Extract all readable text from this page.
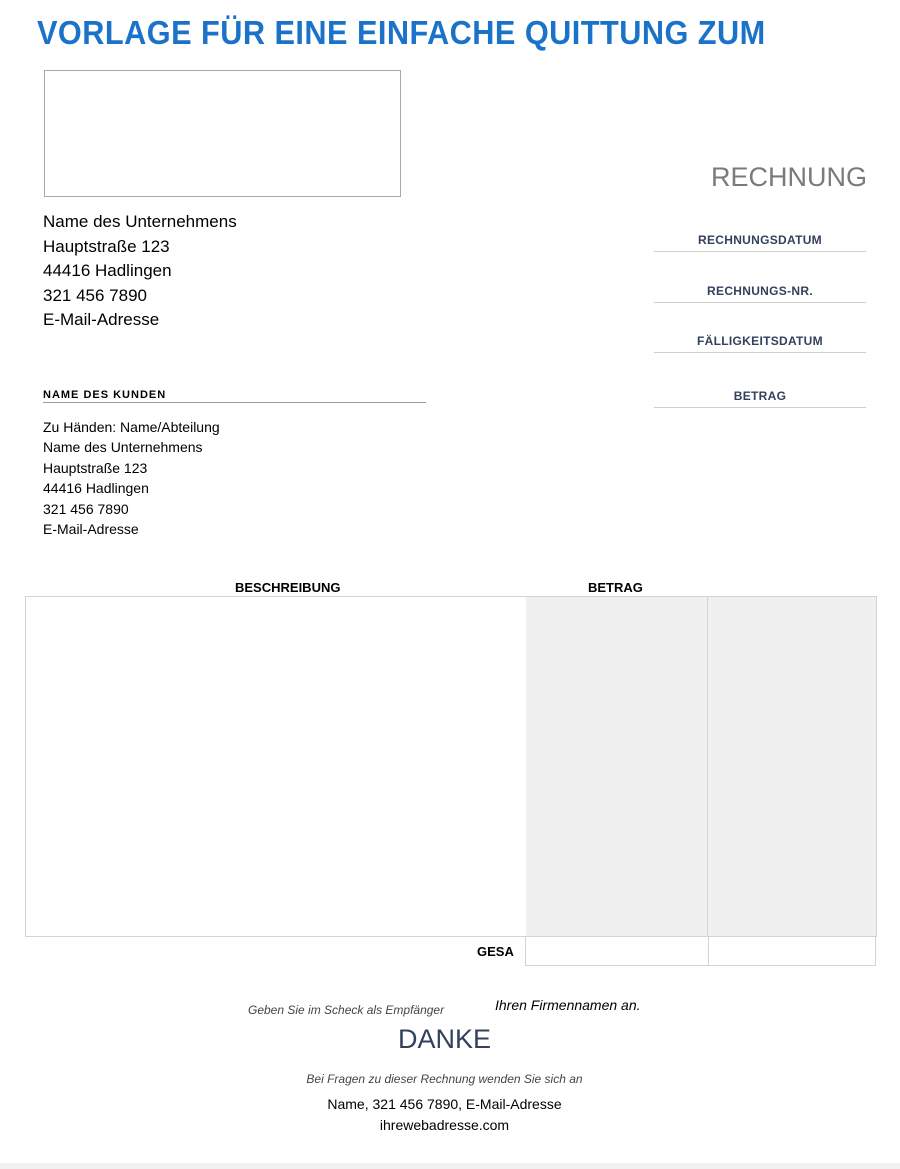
VORLAGE FÜR EINE EINFACHE QUITTUNG ZUM
RECHNUNG
Name des Unternehmens
Hauptstraße 123
44416 Hadlingen
321 456 7890
E-Mail-Adresse
RECHNUNGSDATUM
RECHNUNGS-NR.
FÄLLIGKEITSDATUM
BETRAG
NAME DES KUNDEN
Zu Händen: Name/Abteilung
Name des Unternehmens
Hauptstraße 123
44416 Hadlingen
321 456 7890
E-Mail-Adresse
BESCHREIBUNG	BETRAG
GESA
Geben Sie im Scheck als Empfänger	Ihren Firmennamen an.
DANKE
Bei Fragen zu dieser Rechnung wenden Sie sich an
Name, 321 456 7890, E-Mail-Adresse
ihrewebadresse.com
